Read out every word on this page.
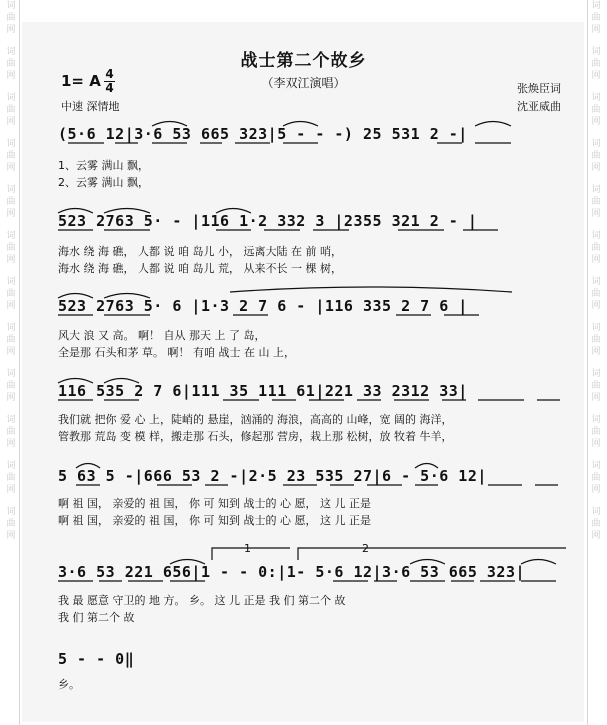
词
曲
网
词
曲
网
词
曲
网
词
曲
网
词
曲
网
词
曲
网
词
曲
网
词
曲
网
词
曲
网
词
曲
网
词
曲
网
词
曲
网
词
曲
网
词
曲
网
词
曲
网
词
曲
网
词
曲
网
词
曲
网
词
曲
网
词
曲
网
词
曲
网
词
曲
网
词
曲
网
词
曲
网
战士第二个故乡
（李双江演唱）
1= A 4
4
中速 深情地
张焕臣词
沈亚威曲
(5·6 12|3·6 53 665 323|5 - - -) 25 531 2 -|
1、云雾 满山 飘，
2、云雾 满山 飘，
523 2763 5· - |116 1·2 332 3 |2355 321 2 - |
海水 绕 海 礁， 人都 说 咱 岛儿 小， 远离大陆 在 前 哨，
海水 绕 海 礁， 人都 说 咱 岛儿 荒， 从来不长 一 棵 树，
523 2763 5· 6 |1·3 2 7 6 - |116 335 2 7 6 |
风大 浪 又 高。 啊！ 自从 那天 上 了 岛，
全是那 石头和茅 草。 啊！ 有咱 战士 在 山 上，
116 535 2 7 6|111 35 111 61|221 33 2312 33|
我们就 把你 爱 心 上，陡峭的 悬崖，汹涌的 海浪，高高的 山峰，宽 阔的 海洋，
管教那 荒岛 变 模 样，搬走那 石头，修起那 营房，栽上那 松树，放 牧着 牛羊，
5 63 5 -|666 53 2 -|2·5 23 535 27|6 - 5·6 12|
啊 祖 国， 亲爱的 祖 国， 你 可 知到 战士的 心 愿， 这 儿 正是
啊 祖 国， 亲爱的 祖 国， 你 可 知到 战士的 心 愿， 这 儿 正是
1	2
3·6 53 221 656|1 - - 0:|1- 5·6 12|3·6 53 665 323|
我 最 愿意 守卫的 地 方。 乡。 这 儿 正是 我 们 第二个 故
我 们 第二个 故
5 - - 0‖
乡。
